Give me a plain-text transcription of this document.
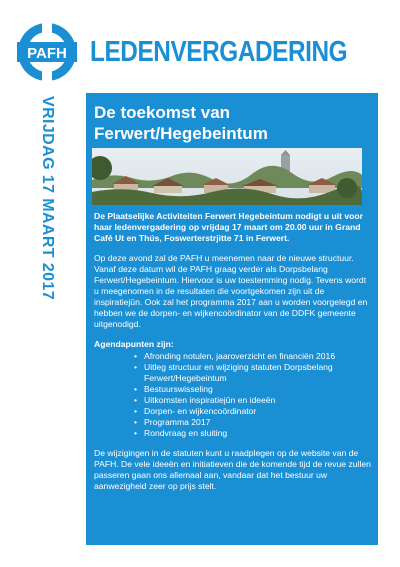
PAFH LEDENVERGADERING
VRIJDAG 17 MAART 2017 De toekomst van
Ferwert/Hegebeintum

De Plaatselijke Activiteiten Ferwert Hegebeintum nodigt u uit voor haar ledenvergadering op vrijdag 17 maart om 20.00 uur in Grand Café Ut en Thús, Foswerterstrjitte 71 in Ferwert.

Op deze avond zal de PAFH u meenemen naar de nieuwe structuur. Vanaf deze datum wil de PAFH graag verder als Dorpsbelang Ferwert/Hegebeintum. Hiervoor is uw toestemming nodig. Tevens wordt u meegenomen in de resultaten die voortgekomen zijn uit de inspiratiejûn. Ook zal het programma 2017 aan u worden voorgelegd en hebben we de dorpen- en wijkencoördinator van de DDFK gemeente uitgenodigd.

Agendapunten zijn:
• Afronding notulen, jaaroverzicht en financiën 2016
• Uitleg structuur en wijziging statuten Dorpsbelang Ferwert/Hegebeintum
• Bestuurswisseling
• Uitkomsten inspiratiejûn en ideeën
• Dorpen- en wijkencoördinator
• Programma 2017
• Rondvraag en sluiting

De wijzigingen in de statuten kunt u raadplegen op de website van de PAFH. De vele ideeën en initiatieven die de komende tijd de revue zullen passeren gaan ons allemaal aan, vandaar dat het bestuur uw aanwezigheid zeer op prijs stelt.
